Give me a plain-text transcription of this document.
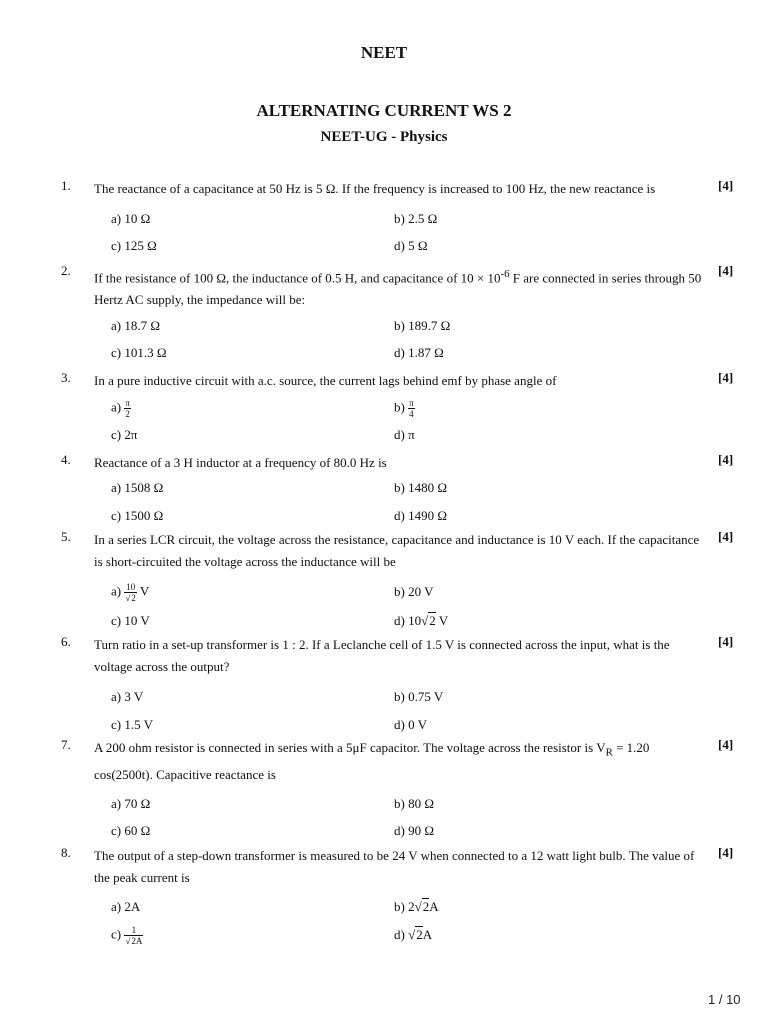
NEET
ALTERNATING CURRENT WS 2
NEET-UG - Physics
1. The reactance of a capacitance at 50 Hz is 5 Ω. If the frequency is increased to 100 Hz, the new reactance is	[4]
a) 10 Ω	b) 2.5 Ω
c) 125 Ω	d) 5 Ω
2. If the resistance of 100 Ω, the inductance of 0.5 H, and capacitance of $10 \times 10^{-6}$ F are connected in series through 50 Hertz AC supply, the impedance will be:
[4]
a) 18.7 Ω	b) 189.7 Ω
c) 101.3 Ω	d) 1.87 Ω
3. In a pure inductive circuit with a.c. source, the current lags behind emf by phase angle of	[4]
$a) \frac{\pi}{2}$	$b) \frac{\pi}{4}$
c) 2π	d) π
4. Reactance of a 3 H inductor at a frequency of 80.0 Hz is	[4]
a) 1508 Ω	b) 1480 Ω
c) 1500 Ω	d) 1490 Ω
5. In a series LCR circuit, the voltage across the resistance, capacitance and inductance is 10 V each. If the capacitance is short-circuited the voltage across the inductance will be
[4]
$a) \frac{10}{√2}$ V	b) 20 V
c) 10 V	d) 10√2 V
6. Turn ratio in a set-up transformer is 1 : 2. If a Leclanche cell of 1.5 V is connected across the input, what is the voltage across the output?
[4]
a) 3 V	b) 0.75 V
c) 1.5 V	d) 0 V
7. A 200 ohm resistor is connected in series with a 5μF capacitor. The voltage across the resistor is $V_R = 1.20$ cos(2500t). Capacitive reactance is
[4]
a) 70 Ω	b) 80 Ω
c) 60 Ω	d) 90 Ω
8. The output of a step-down transformer is measured to be 24 V when connected to a 12 watt light bulb. The value of the peak current is
[4]
a) 2A	b) 2√2A
$c) \frac{1}{√2A}$	d) √2A
1 / 10
